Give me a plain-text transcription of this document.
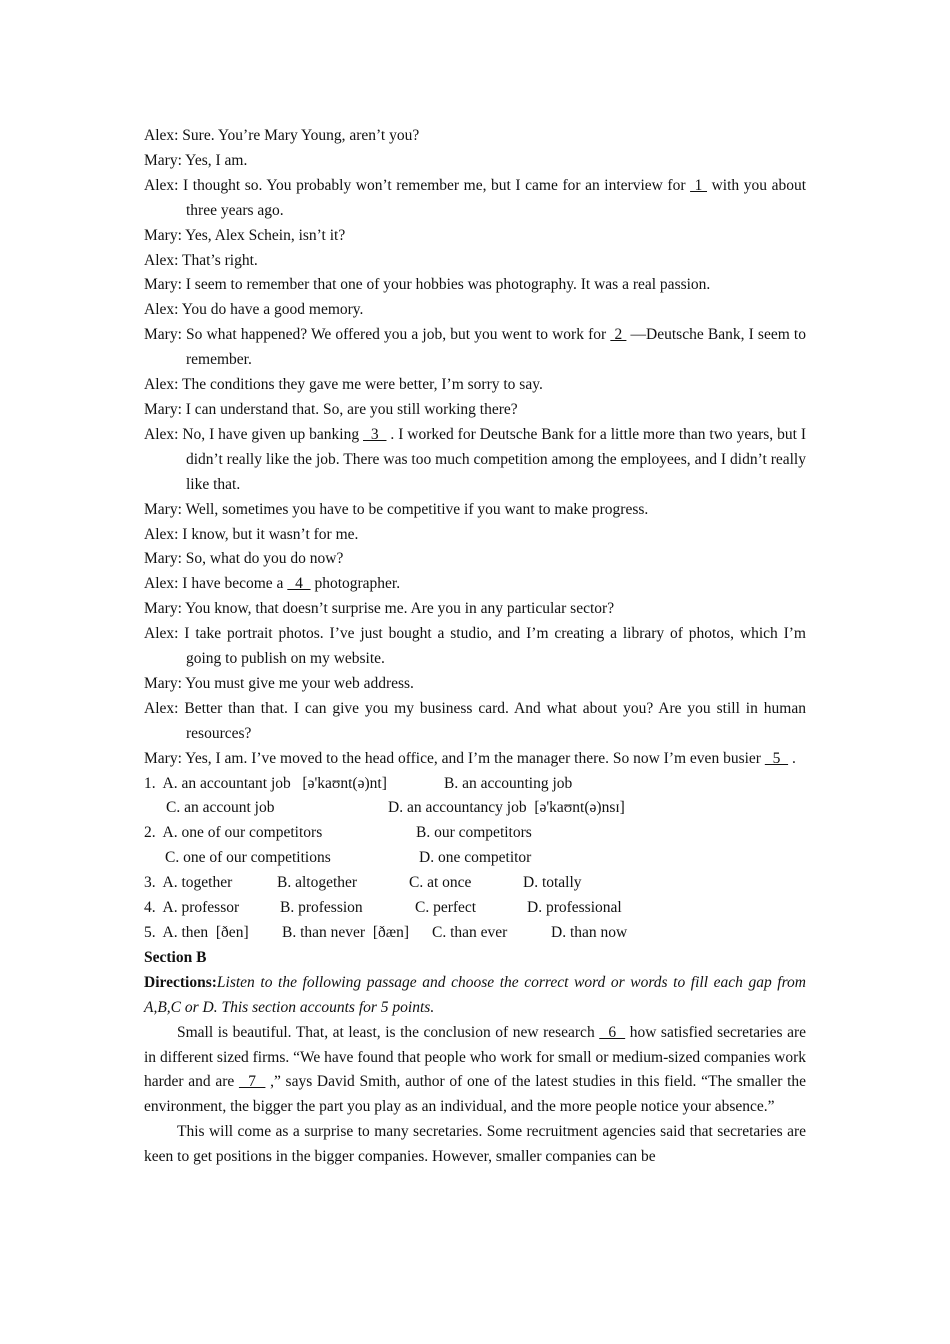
Alex: Sure. You’re Mary Young, aren’t you?

Mary: Yes, I am.

Alex: I thought so. You probably won’t remember me, but I came for an interview for  1  with you about three years ago.

Mary: Yes, Alex Schein, isn’t it?

Alex: That’s right.

Mary: I seem to remember that one of your hobbies was photography. It was a real passion.

Alex: You do have a good memory.

Mary: So what happened? We offered you a job, but you went to work for  2  —Deutsche Bank, I seem to remember.

Alex: The conditions they gave me were better, I’m sorry to say.

Mary: I can understand that. So, are you still working there?

Alex: No, I have given up banking   3   . I worked for Deutsche Bank for a little more than two years, but I didn’t really like the job. There was too much competition among the employees, and I didn’t really like that.

Mary: Well, sometimes you have to be competitive if you want to make progress.

Alex: I know, but it wasn’t for me.

Mary: So, what do you do now?

Alex: I have become a   4   photographer.

Mary: You know, that doesn’t surprise me. Are you in any particular sector?

Alex: I take portrait photos. I’ve just bought a studio, and I’m creating a library of photos, which I’m going to publish on my website.

Mary: You must give me your web address.

Alex: Better than that. I can give you my business card. And what about you? Are you still in human resources?

Mary: Yes, I am. I’ve moved to the head office, and I’m the manager there. So now I’m even busier   5   .

1.  A. an accountant job   [ə'kaʊnt(ə)nt]	B. an accounting job
C. an account job	D. an accountancy job  [ə'kaʊnt(ə)nsɪ]
2.  A. one of our competitors	B. our competitors
C. one of our competitions	D. one competitor
3.  A. together	B. altogether	C. at once	D. totally
4.  A. professor	B. profession	C. perfect	D. professional
5.  A. then  [ðen] B. than never  [ðæn] C. than ever	D. than now
Section B

Directions:Listen to the following passage and choose the correct word or words to fill each gap from A,B,C or D. This section accounts for 5 points.

Small is beautiful. That, at least, is the conclusion of new research   6   how satisfied secretaries are in different sized firms. “We have found that people who work for small or medium-sized companies work harder and are   7   ,” says David Smith, author of one of the latest studies in this field. “The smaller the environment, the bigger the part you play as an individual, and the more people notice your absence.”

This will come as a surprise to many secretaries. Some recruitment agencies said that secretaries are keen to get positions in the bigger companies. However, smaller companies can be
